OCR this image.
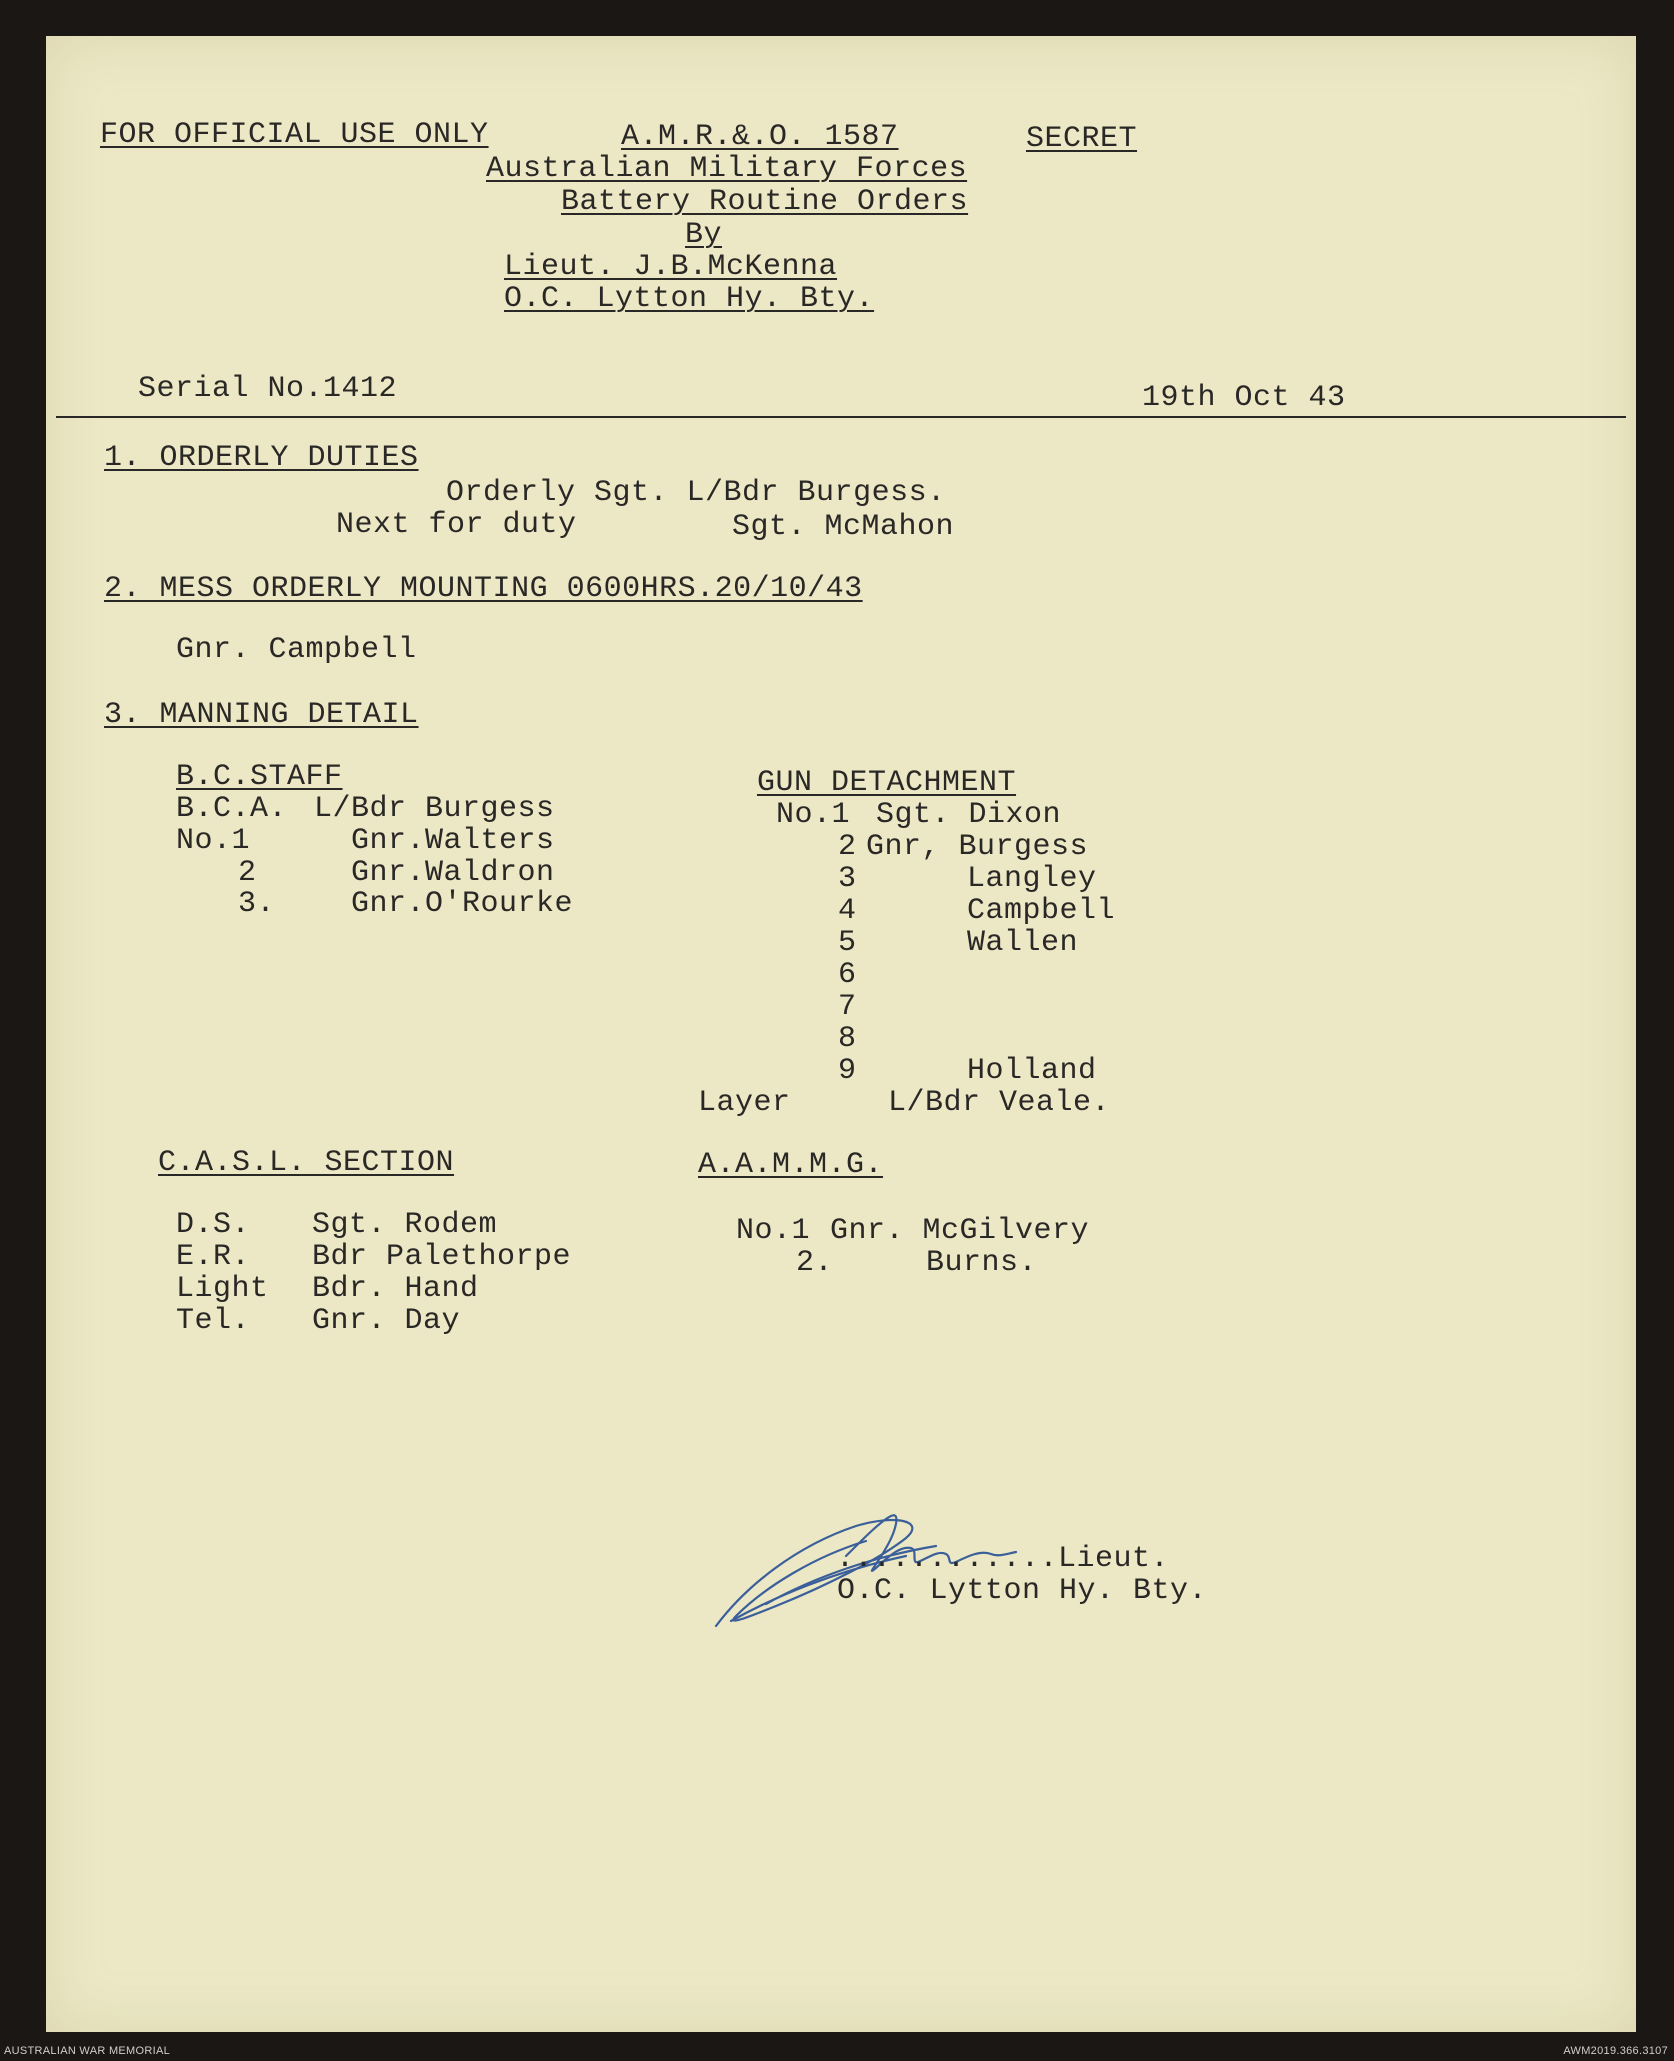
FOR OFFICIAL USE ONLY	A.M.R.&.O. 1587	SECRET
Australian Military Forces
Battery Routine Orders
By
Lieut. J.B.McKenna
O.C. Lytton Hy. Bty.
Serial No.1412	19th Oct 43
1. ORDERLY DUTIES
Orderly Sgt. L/Bdr Burgess.
Next for duty	Sgt. McMahon
2. MESS ORDERLY MOUNTING 0600HRS.20/10/43
Gnr. Campbell
3. MANNING DETAIL
B.C.STAFF
B.C.A. L/Bdr Burgess
No.1	Gnr.Walters
2	Gnr.Waldron
3.	Gnr.O'Rourke
GUN DETACHMENT
No.1 Sgt. Dixon
2 Gnr, Burgess
3	Langley
4	Campbell
5	Wallen
6
7
8
9	Holland
Layer	L/Bdr Veale.
C.A.S.L. SECTION
D.S. Sgt. Rodem
E.R. Bdr Palethorpe
Light Bdr. Hand
Tel. Gnr. Day
A.A.M.M.G.
No.1 Gnr. McGilvery
2.	Burns.
............Lieut.
O.C. Lytton Hy. Bty.
AUSTRALIAN WAR MEMORIAL	AWM2019.366.3107
